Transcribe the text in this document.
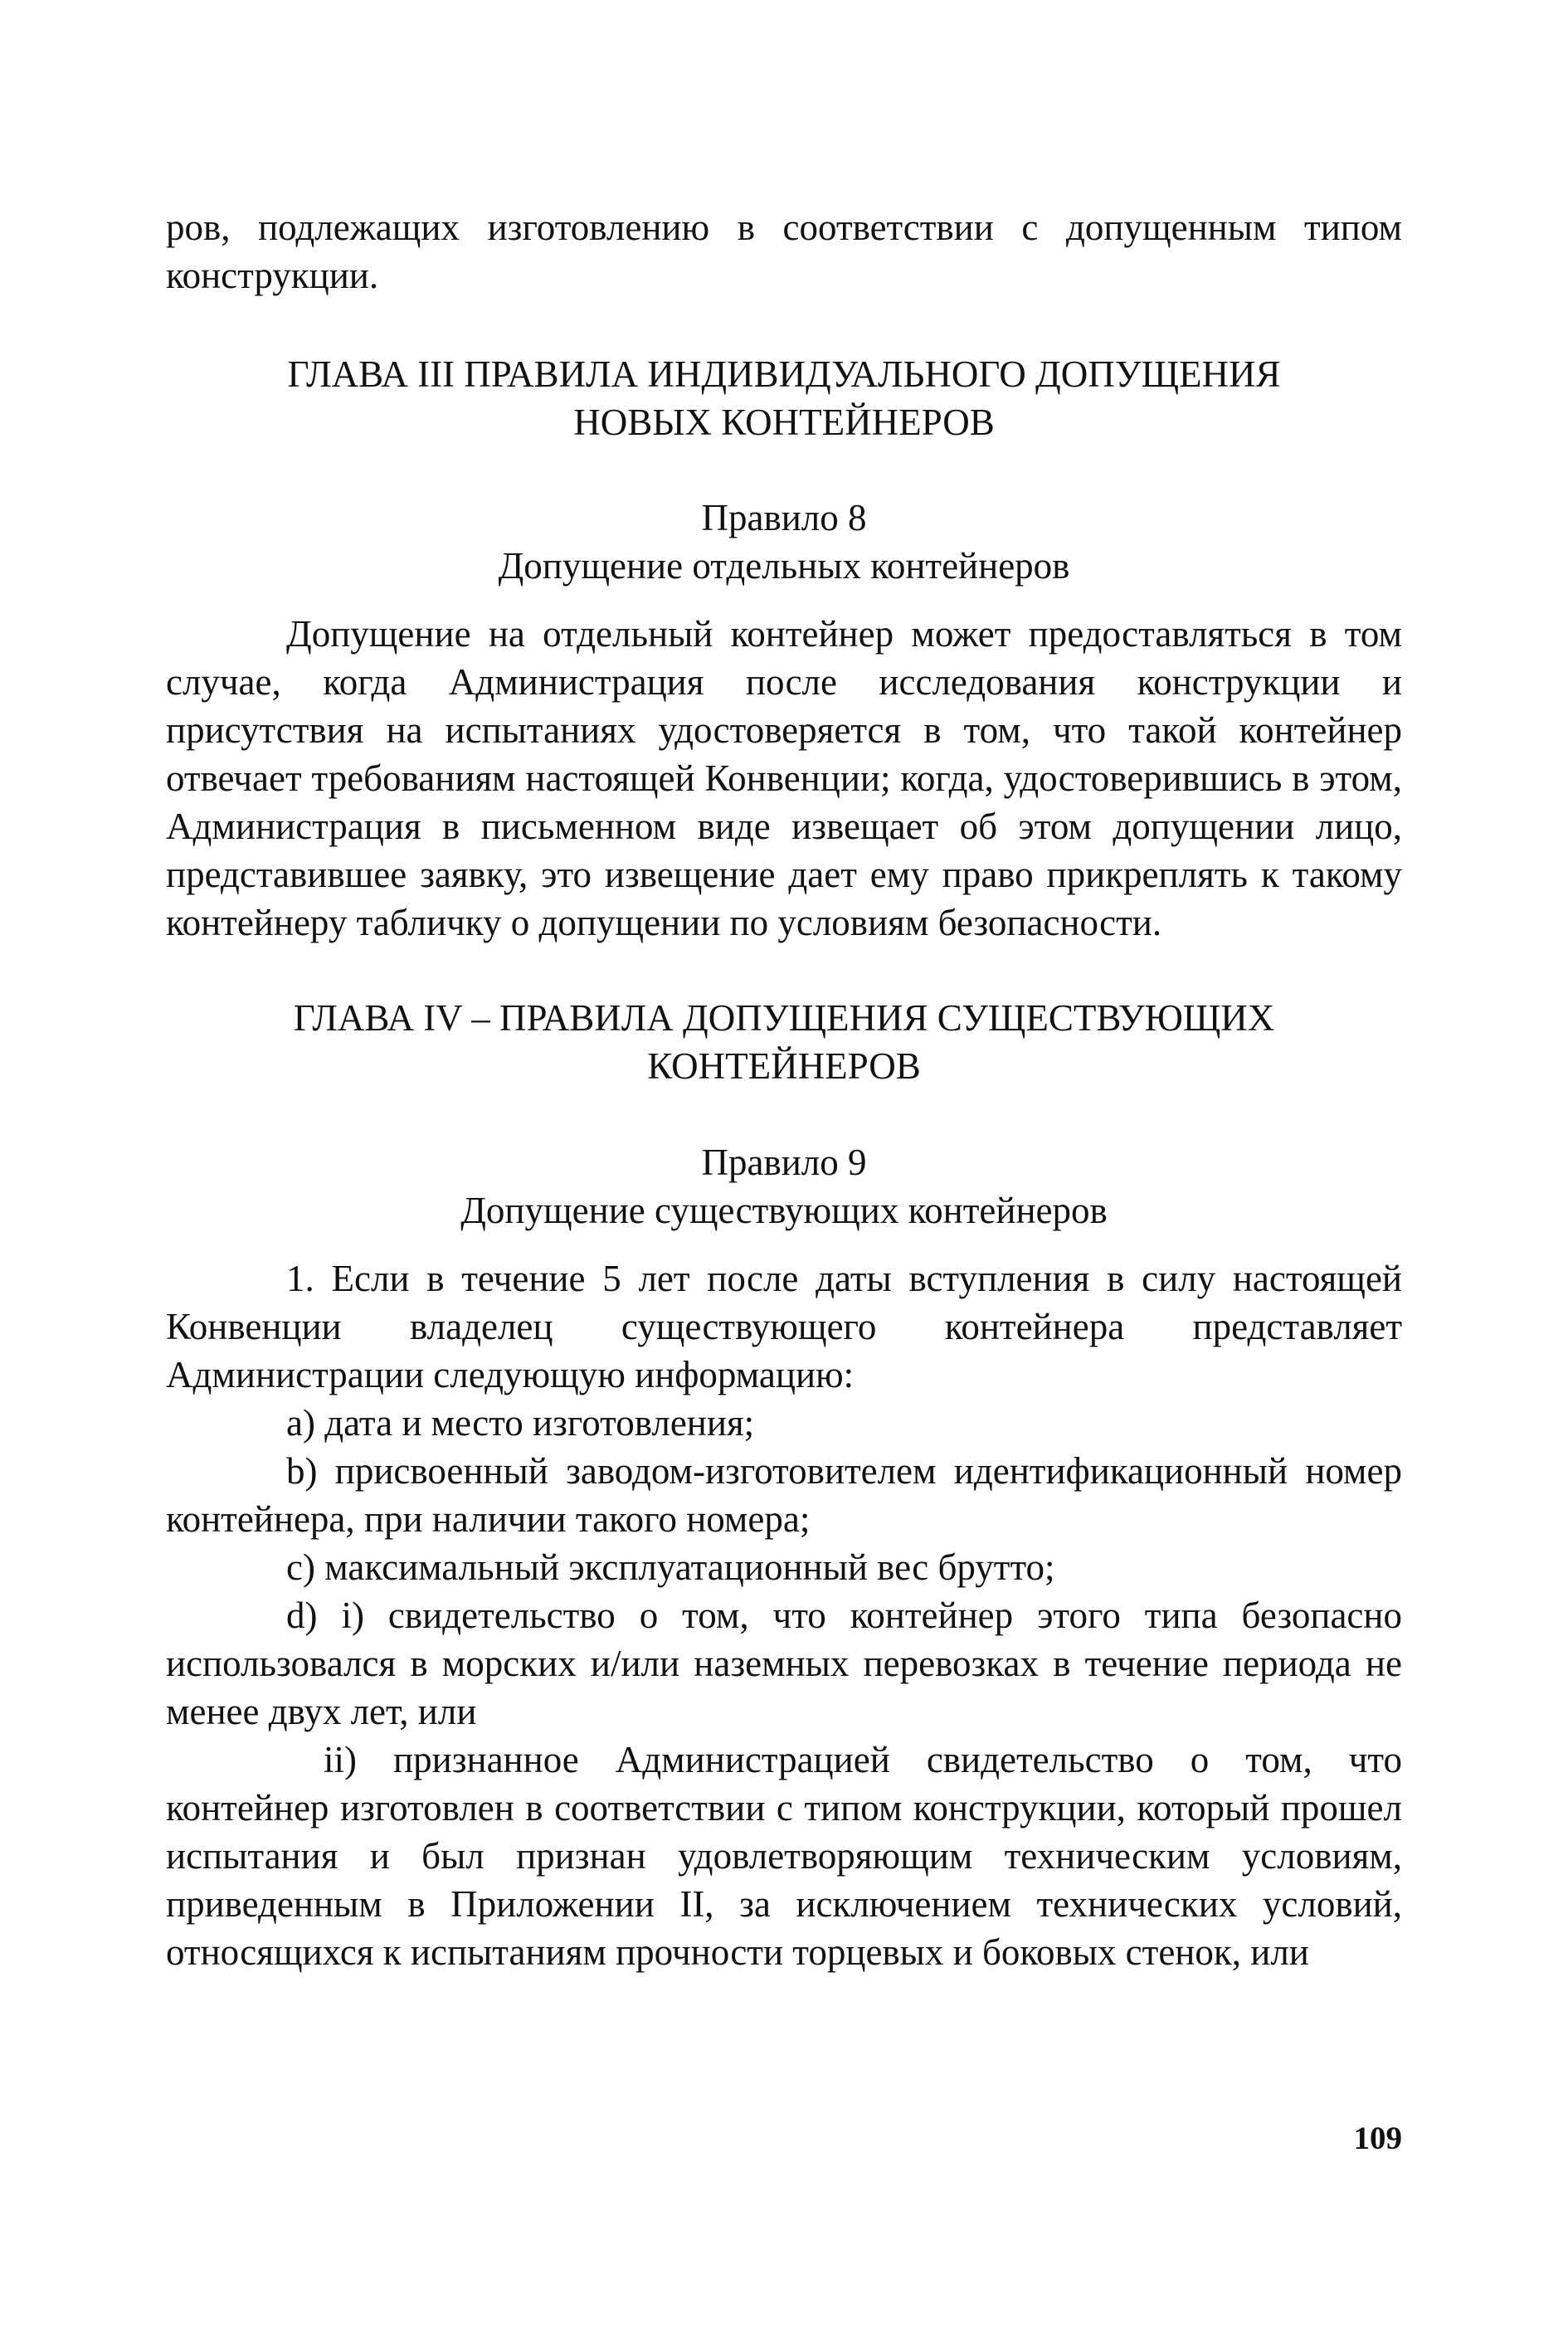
ров, подлежащих изготовлению в соответствии с допущенным типом конструкции.

ГЛАВА III ПРАВИЛА ИНДИВИДУАЛЬНОГО ДОПУЩЕНИЯ

НОВЫХ КОНТЕЙНЕРОВ

Правило 8

Допущение отдельных контейнеров

Допущение на отдельный контейнер может предоставляться в том случае, когда Администрация после исследования конструкции и присутствия на испытаниях удостоверяется в том, что такой контейнер отвечает требованиям настоящей Конвенции; когда, удостоверившись в этом, Администрация в письменном виде извещает об этом допущении лицо, представившее заявку, это извещение дает ему право прикреплять к такому контейнеру табличку о допущении по условиям безопасности.

ГЛАВА IV – ПРАВИЛА ДОПУЩЕНИЯ СУЩЕСТВУЮЩИХ

КОНТЕЙНЕРОВ

Правило 9

Допущение существующих контейнеров

1. Если в течение 5 лет после даты вступления в силу настоящей Конвенции владелец существующего контейнера представляет Администрации следующую информацию:

a) дата и место изготовления;

b) присвоенный заводом-изготовителем идентификационный номер контейнера, при наличии такого номера;

c) максимальный эксплуатационный вес брутто;

d) i) свидетельство о том, что контейнер этого типа безопасно использовался в морских и/или наземных перевозках в течение периода не менее двух лет, или

ii) признанное Администрацией свидетельство о том, что контейнер изготовлен в соответствии с типом конструкции, который прошел испытания и был признан удовлетворяющим техническим условиям, приведенным в Приложении II, за исключением технических условий, относящихся к испытаниям прочности торцевых и боковых стенок, или

109
